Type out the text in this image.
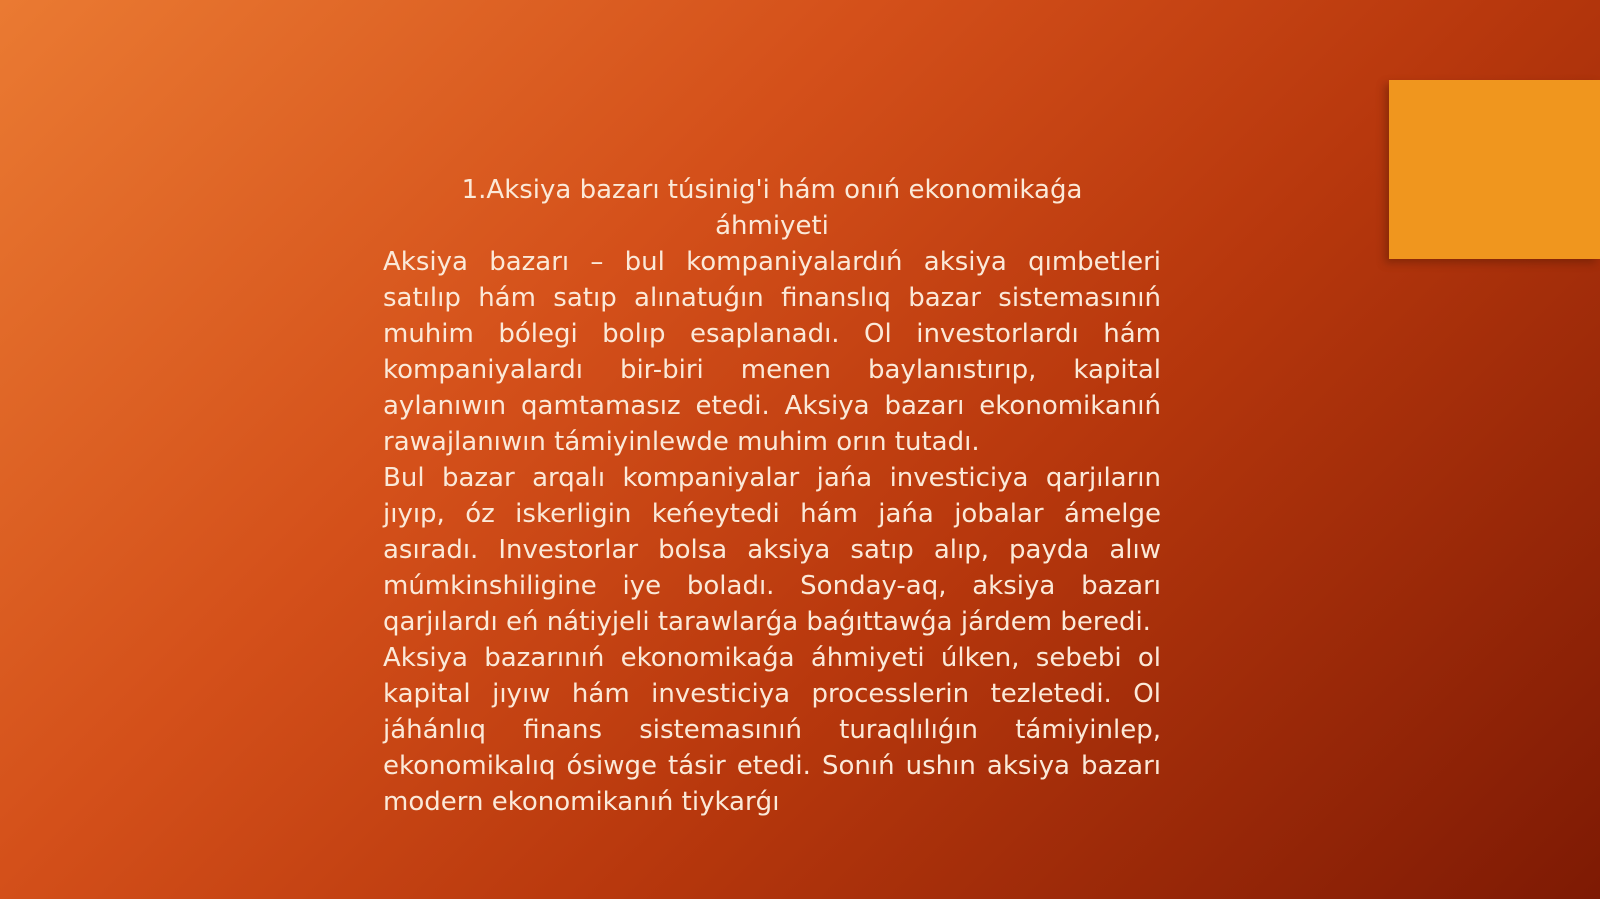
1.Aksiya bazarı túsinig'i hám onıń ekonomikaǵa áhmiyeti

Aksiya bazarı – bul kompaniyalardıń aksiya qımbetleri satılıp hám satıp alınatuǵın finanslıq bazar sistemasınıń muhim bólegi bolıp esaplanadı. Ol investorlardı hám kompaniyalardı bir-biri menen baylanıstırıp, kapital aylanıwın qamtamasız etedi. Aksiya bazarı ekonomikanıń rawajlanıwın támiyinlewde muhim orın tutadı.

Bul bazar arqalı kompaniyalar jańa investiciya qarjıların jıyıp, óz iskerligin keńeytedi hám jańa jobalar ámelge asıradı. Investorlar bolsa aksiya satıp alıp, payda alıw múmkinshiligine iye boladı. Sonday-aq, aksiya bazarı qarjılardı eń nátiyjeli tarawlarǵa baǵıttawǵa járdem beredi.

Aksiya bazarınıń ekonomikaǵa áhmiyeti úlken, sebebi ol kapital jıyıw hám investiciya processlerin tezletedi. Ol jáhánlıq finans sistemasınıń turaqlılıǵın támiyinlep, ekonomikalıq ósiwge tásir etedi. Sonıń ushın aksiya bazarı modern ekonomikanıń tiykarǵı
